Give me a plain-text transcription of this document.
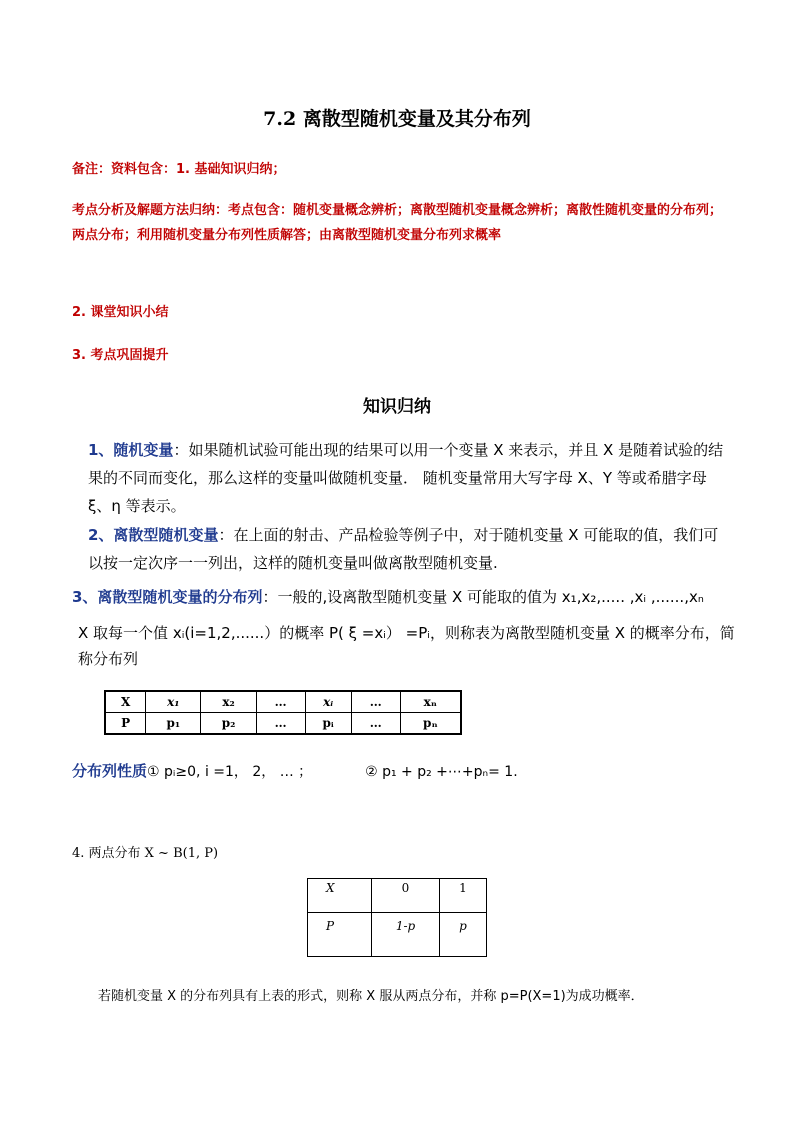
7.2 离散型随机变量及其分布列
备注：资料包含：1. 基础知识归纳；
考点分析及解题方法归纳：考点包含：随机变量概念辨析；离散型随机变量概念辨析；离散性随机变量的分布列；两点分布；利用随机变量分布列性质解答；由离散型随机变量分布列求概率
2. 课堂知识小结
3. 考点巩固提升
知识归纳
1、随机变量：如果随机试验可能出现的结果可以用一个变量 X 来表示，并且 X 是随着试验的结果的不同而变化，那么这样的变量叫做随机变量． 随机变量常用大写字母 X、Y 等或希腊字母 ξ、η 等表示。
2、离散型随机变量：在上面的射击、产品检验等例子中，对于随机变量 X 可能取的值，我们可以按一定次序一一列出，这样的随机变量叫做离散型随机变量.
3、离散型随机变量的分布列：一般的,设离散型随机变量 X 可能取的值为 x₁,x₂,..... ,xᵢ ,......,xₙ
X 取每一个值 xᵢ(i=1,2,......）的概率 P( ξ =xᵢ） =Pᵢ，则称表为离散型随机变量 X 的概率分布，简称分布列
X	x₁	x₂	…	xᵢ	…	xₙ
P	p₁	p₂	…	pᵢ	…	pₙ
分布列性质① pᵢ≥0, i =1， 2， … ；	② p₁ + p₂ +⋯+pₙ= 1.
4. 两点分布 X ~ B(1, P)
X	0	1
P	1-p	p
若随机变量 X 的分布列具有上表的形式，则称 X 服从两点分布，并称 p=P(X=1)为成功概率．
